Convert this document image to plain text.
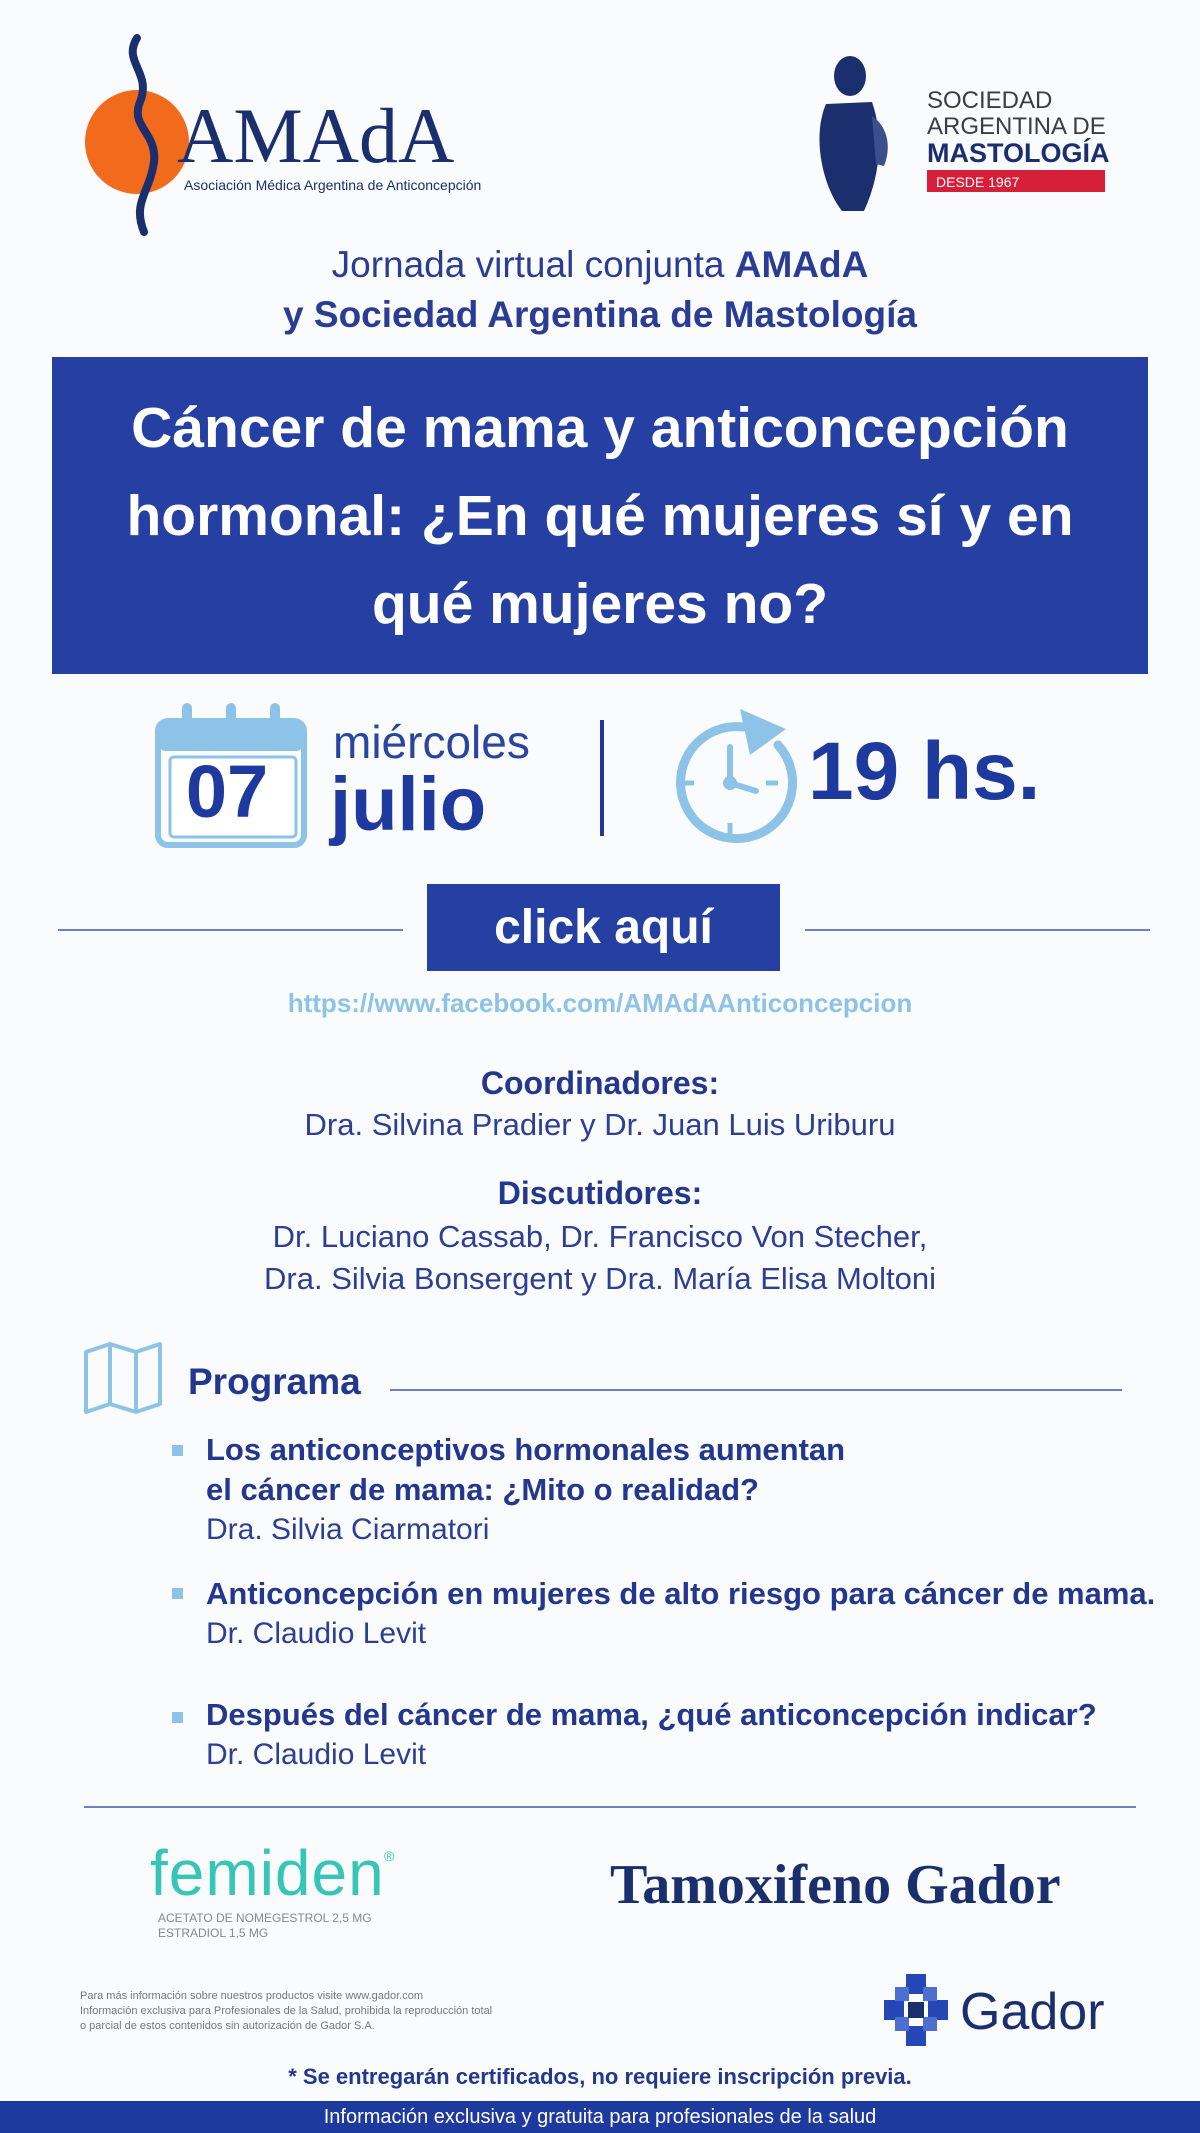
AMAdA
Asociación Médica Argentina de Anticoncepción
SOCIEDAD
ARGENTINA DE
MASTOLOGÍA
DESDE 1967
Jornada virtual conjunta AMAdA
y Sociedad Argentina de Mastología
Cáncer de mama y anticoncepción hormonal: ¿En qué mujeres sí y en qué mujeres no?
07
miércoles
julio	19 hs.
click aquí
https://www.facebook.com/AMAdAAnticoncepcion
Coordinadores:
Dra. Silvina Pradier y Dr. Juan Luis Uriburu
Discutidores:
Dr. Luciano Cassab, Dr. Francisco Von Stecher,
Dra. Silvia Bonsergent y Dra. María Elisa Moltoni
Programa
Los anticonceptivos hormonales aumentan
el cáncer de mama: ¿Mito o realidad?
Dra. Silvia Ciarmatori
Anticoncepción en mujeres de alto riesgo para cáncer de mama.
Dr. Claudio Levit
Después del cáncer de mama, ¿qué anticoncepción indicar?
Dr. Claudio Levit
femiden ®
ACETATO DE NOMEGESTROL 2,5 MG
ESTRADIOL 1,5 MG
Tamoxifeno Gador
Para más información sobre nuestros productos visite www.gador.com
Información exclusiva para Profesionales de la Salud, prohibida la reproducción total
o parcial de estos contenidos sin autorización de Gador S.A.	Gador
* Se entregarán certificados, no requiere inscripción previa.
Información exclusiva y gratuita para profesionales de la salud
